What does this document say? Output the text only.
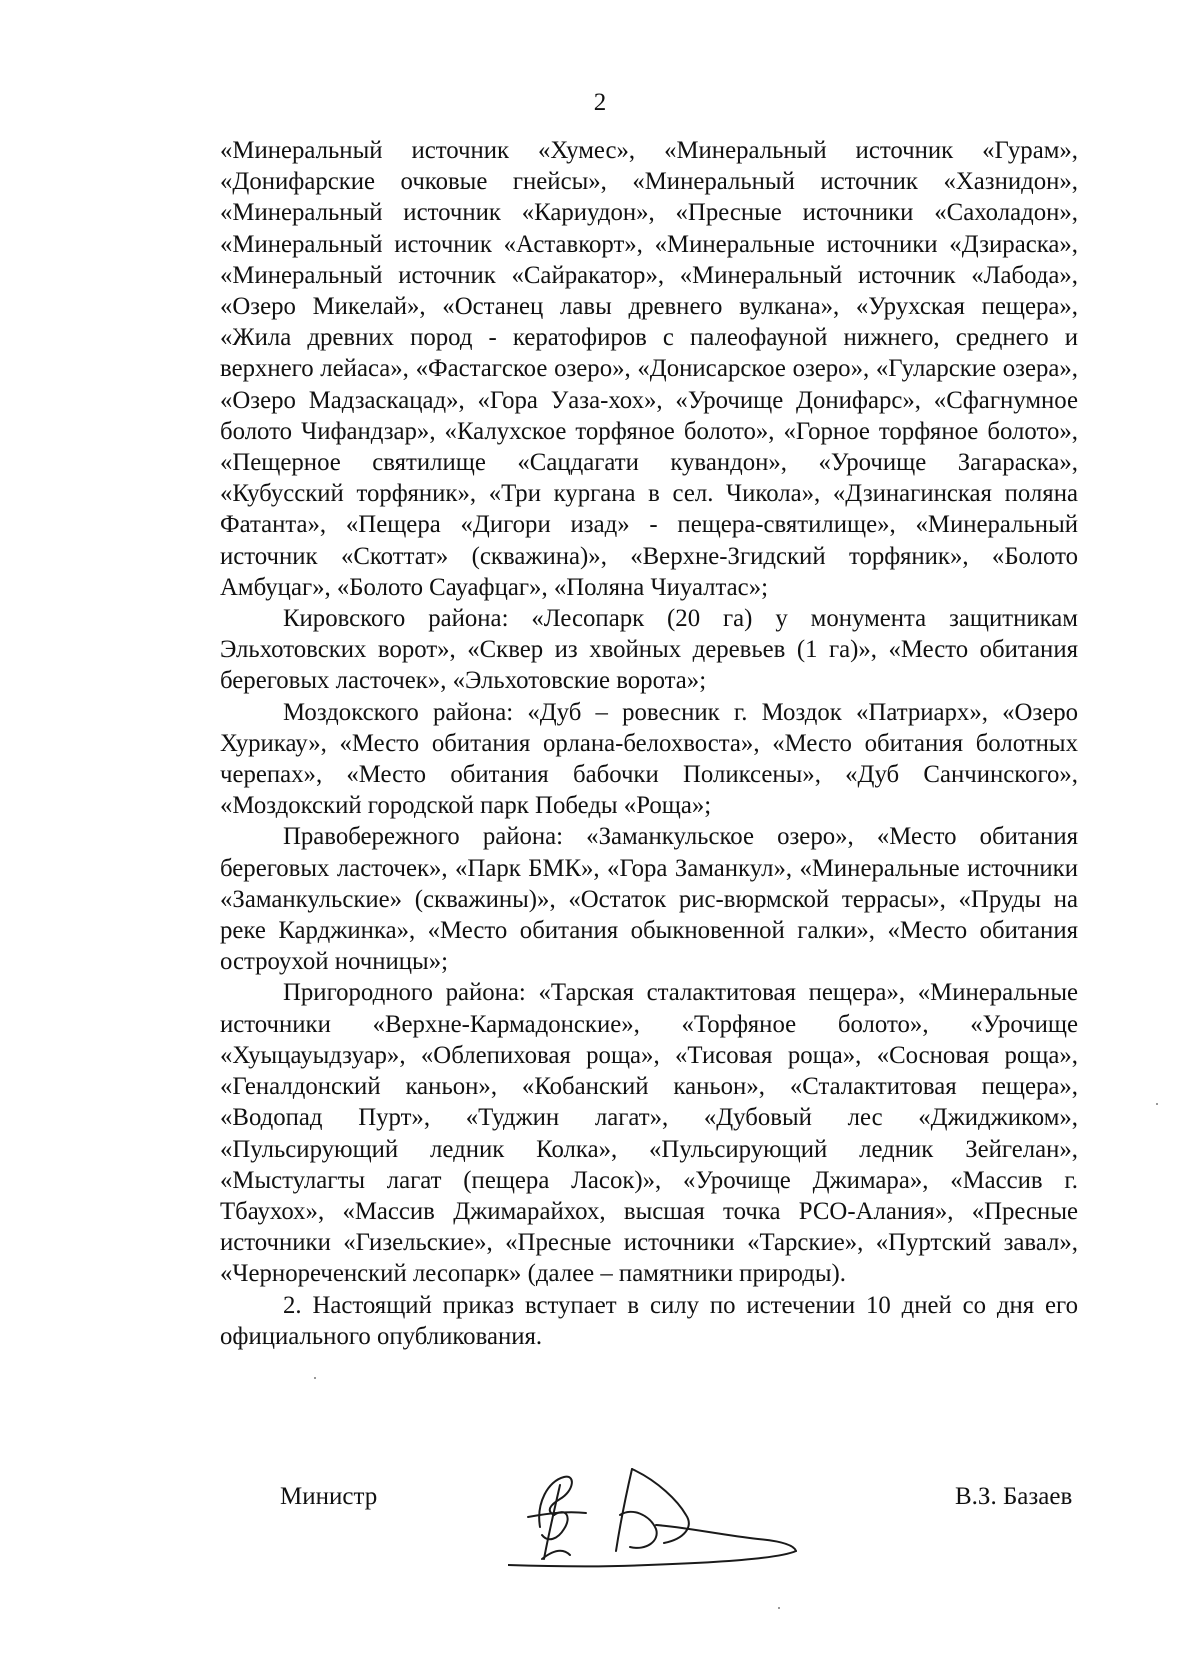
2

«Минеральный источник «Хумес», «Минеральный источник «Гурам», «Донифарские очковые гнейсы», «Минеральный источник «Хазнидон», «Минеральный источник «Кариудон», «Пресные источники «Сахоладон», «Минеральный источник «Аставкорт», «Минеральные источники «Дзираска», «Минеральный источник «Сайракатор», «Минеральный источник «Лабода», «Озеро Микелай», «Останец лавы древнего вулкана», «Урухская пещера», «Жила древних пород - кератофиров с палеофауной нижнего, среднего и верхнего лейаса», «Фастагское озеро», «Донисарское озеро», «Гуларские озера», «Озеро Мадзаскацад», «Гора Уаза-хох», «Урочище Донифарс», «Сфагнумное болото Чифандзар», «Калухское торфяное болото», «Горное торфяное болото», «Пещерное святилище «Сацдагати кувандон», «Урочище Загараска», «Кубусский торфяник», «Три кургана в сел. Чикола», «Дзинагинская поляна Фатанта», «Пещера «Дигори изад» - пещера-святилище», «Минеральный источник «Скоттат» (скважина)», «Верхне-Згидский торфяник», «Болото Амбуцаг», «Болото Сауафцаг», «Поляна Чиуалтас»;

Кировского района: «Лесопарк (20 га) у монумента защитникам Эльхотовских ворот», «Сквер из хвойных деревьев (1 га)», «Место обитания береговых ласточек», «Эльхотовские ворота»;

Моздокского района: «Дуб – ровесник г. Моздок «Патриарх», «Озеро Хурикау», «Место обитания орлана-белохвоста», «Место обитания болотных черепах», «Место обитания бабочки Поликсены», «Дуб Санчинского», «Моздокский городской парк Победы «Роща»;

Правобережного района: «Заманкульское озеро», «Место обитания береговых ласточек», «Парк БМК», «Гора Заманкул», «Минеральные источники «Заманкульские» (скважины)», «Остаток рис-вюрмской террасы», «Пруды на реке Карджинка», «Место обитания обыкновенной галки», «Место обитания остроухой ночницы»;

Пригородного района: «Тарская сталактитовая пещера», «Минеральные источники «Верхне-Кармадонские», «Торфяное болото», «Урочище «Хуыцауыдзуар», «Облепиховая роща», «Тисовая роща», «Сосновая роща», «Геналдонский каньон», «Кобанский каньон», «Сталактитовая пещера», «Водопад Пурт», «Туджин лагат», «Дубовый лес «Джиджиком», «Пульсирующий ледник Колка», «Пульсирующий ледник Зейгелан», «Мыстулагты лагат (пещера Ласок)», «Урочище Джимара», «Массив г. Тбаухох», «Массив Джимарайхох, высшая точка РСО-Алания», «Пресные источники «Гизельские», «Пресные источники «Тарские», «Пуртский завал», «Чернореченский лесопарк» (далее – памятники природы).

2. Настоящий приказ вступает в силу по истечении 10 дней со дня его официального опубликования.

Министр	В.З. Базаев
